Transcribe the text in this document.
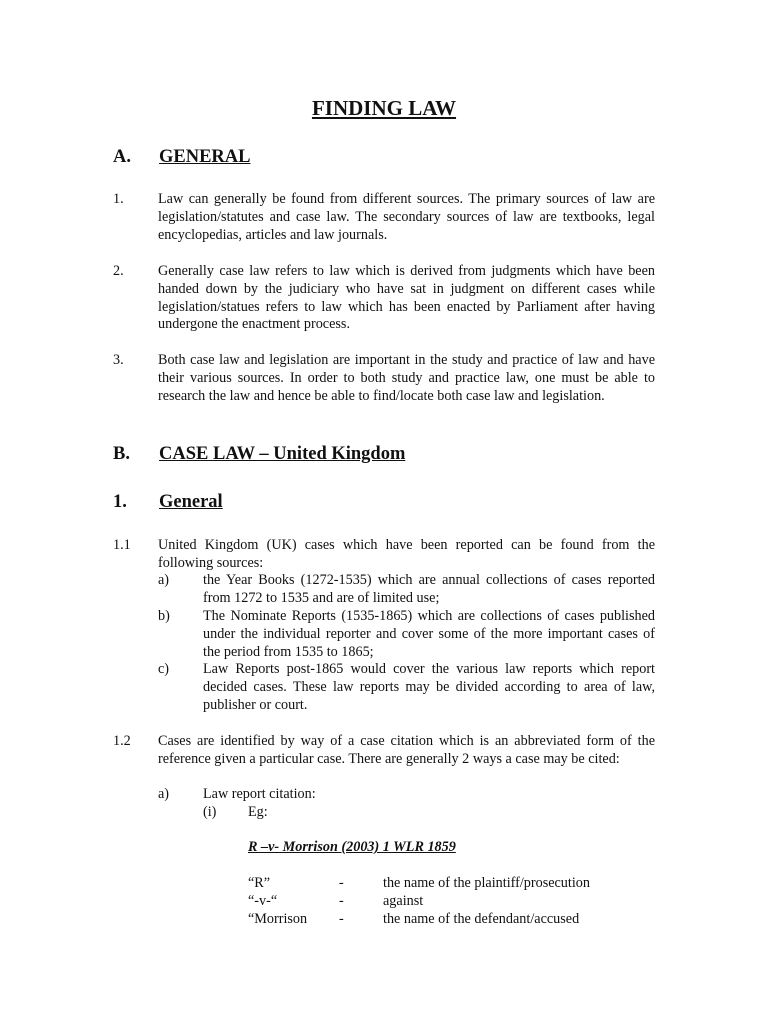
FINDING LAW
A. GENERAL
1. Law can generally be found from different sources. The primary sources of law are legislation/statutes and case law. The secondary sources of law are textbooks, legal encyclopedias, articles and law journals.
2. Generally case law refers to law which is derived from judgments which have been handed down by the judiciary who have sat in judgment on different cases while legislation/statues refers to law which has been enacted by Parliament after having undergone the enactment process.
3. Both case law and legislation are important in the study and practice of law and have their various sources. In order to both study and practice law, one must be able to research the law and hence be able to find/locate both case law and legislation.
B. CASE LAW – United Kingdom
1. General
1.1 United Kingdom (UK) cases which have been reported can be found from the following sources:
a) the Year Books (1272-1535) which are annual collections of cases reported from 1272 to 1535 and are of limited use;
b) The Nominate Reports (1535-1865) which are collections of cases published under the individual reporter and cover some of the more important cases of the period from 1535 to 1865;
c) Law Reports post-1865 would cover the various law reports which report decided cases. These law reports may be divided according to area of law, publisher or court.
1.2 Cases are identified by way of a case citation which is an abbreviated form of the reference given a particular case. There are generally 2 ways a case may be cited:
a) Law report citation:
(i) Eg:
R –v- Morrison (2003) 1 WLR 1859
“R”	-	the name of the plaintiff/prosecution
“-v-“	-	against
“Morrison -	the name of the defendant/accused
